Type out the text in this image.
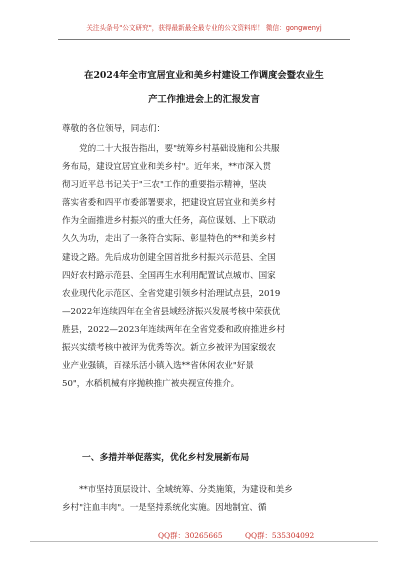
关注头条号"公文研究"，获得最新最全最专业的公文资料库！ 微信：gongwenyj
在2024年全市宜居宜业和美乡村建设工作调度会暨农业生
产工作推进会上的汇报发言
尊敬的各位领导，同志们：
　　党的二十大报告指出，要"统筹乡村基础设施和公共服
务布局，建设宜居宜业和美乡村"。近年来，**市深入贯
彻习近平总书记关于"三农"工作的重要指示精神，坚决
落实省委和四平市委部署要求，把建设宜居宜业和美乡村
作为全面推进乡村振兴的重大任务，高位谋划、上下联动
久久为功，走出了一条符合实际、彰显特色的**和美乡村
建设之路。先后成功创建全国首批乡村振兴示范县、全国
四好农村路示范县、全国再生水利用配置试点城市、国家
农业现代化示范区、全省党建引领乡村治理试点县，2019
—2022年连续四年在全省县域经济振兴发展考核中荣获优
胜县，2022—2023年连续两年在全省党委和政府推进乡村
振兴实绩考核中被评为优秀等次。新立乡被评为国家级农
业产业强镇，百禄乐活小镇入选**省休闲农业"好景
50"，水稻机械有序抛秧推广被央视宣传推介。
一、多措并举促落实，优化乡村发展新布局
　　**市坚持顶层设计、全域统筹、分类施策，为建设和美乡
乡村"注血丰肉"。一是坚持系统化实施。因地制宜、循
QQ群：30265665	QQ群：535304092
